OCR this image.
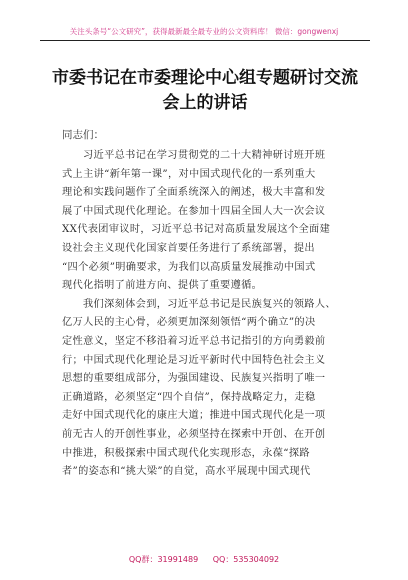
关注头条号“公文研究”，获得最新最全最专业的公文资料库！ 微信：gongwenxj
市委书记在市委理论中心组专题研讨交流
会上的讲话
同志们：
习近平总书记在学习贯彻党的二十大精神研讨班开班
式上主讲“新年第一课”，对中国式现代化的一系列重大
理论和实践问题作了全面系统深入的阐述，极大丰富和发
展了中国式现代化理论。在参加十四届全国人大一次会议
XX代表团审议时，习近平总书记对高质量发展这个全面建
设社会主义现代化国家首要任务进行了系统部署，提出
“四个必须”明确要求，为我们以高质量发展推动中国式
现代化指明了前进方向、提供了重要遵循。
我们深刻体会到，习近平总书记是民族复兴的领路人、
亿万人民的主心骨，必须更加深刻领悟“两个确立”的决
定性意义，坚定不移沿着习近平总书记指引的方向勇毅前
行；中国式现代化理论是习近平新时代中国特色社会主义
思想的重要组成部分，为强国建设、民族复兴指明了唯一
正确道路，必须坚定“四个自信”，保持战略定力，走稳
走好中国式现代化的康庄大道；推进中国式现代化是一项
前无古人的开创性事业，必须坚持在探索中开创、在开创
中推进，积极探索中国式现代化实现形态，永葆“探路
者”的姿态和“挑大梁”的自觉，高水平展现中国式现代
QQ群：31991489 QQ：535304092
